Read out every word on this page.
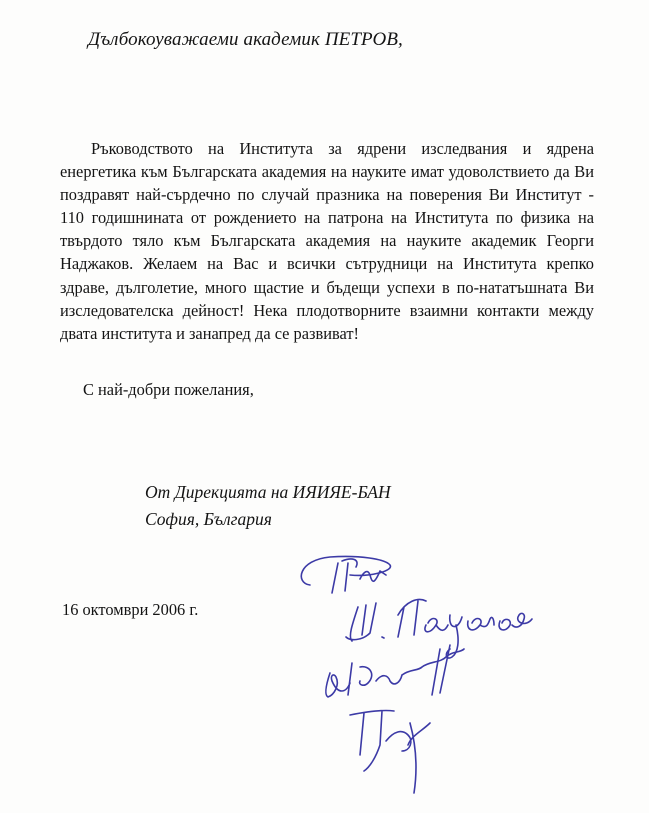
Дълбокоуважаеми академик ПЕТРОВ,

Ръководството на Института за ядрени изследвания и ядрена енергетика към Българската академия на науките имат удоволствието да Ви поздравят най-сърдечно по случай празника на поверения Ви Институт - 110 годишнината от рождението на патрона на Института по физика на твърдото тяло към Българската академия на науките академик Георги Наджаков. Желаем на Вас и всички сътрудници на Института крепко здраве, дълголетие, много щастие и бъдещи успехи в по-нататъшната Ви изследователска дейност! Нека плодотворните взаимни контакти между двата института и занапред да се развиват!

С най-добри пожелания,
От Дирекцията на ИЯИЯЕ-БАН
София, България
16 октомври 2006 г.
